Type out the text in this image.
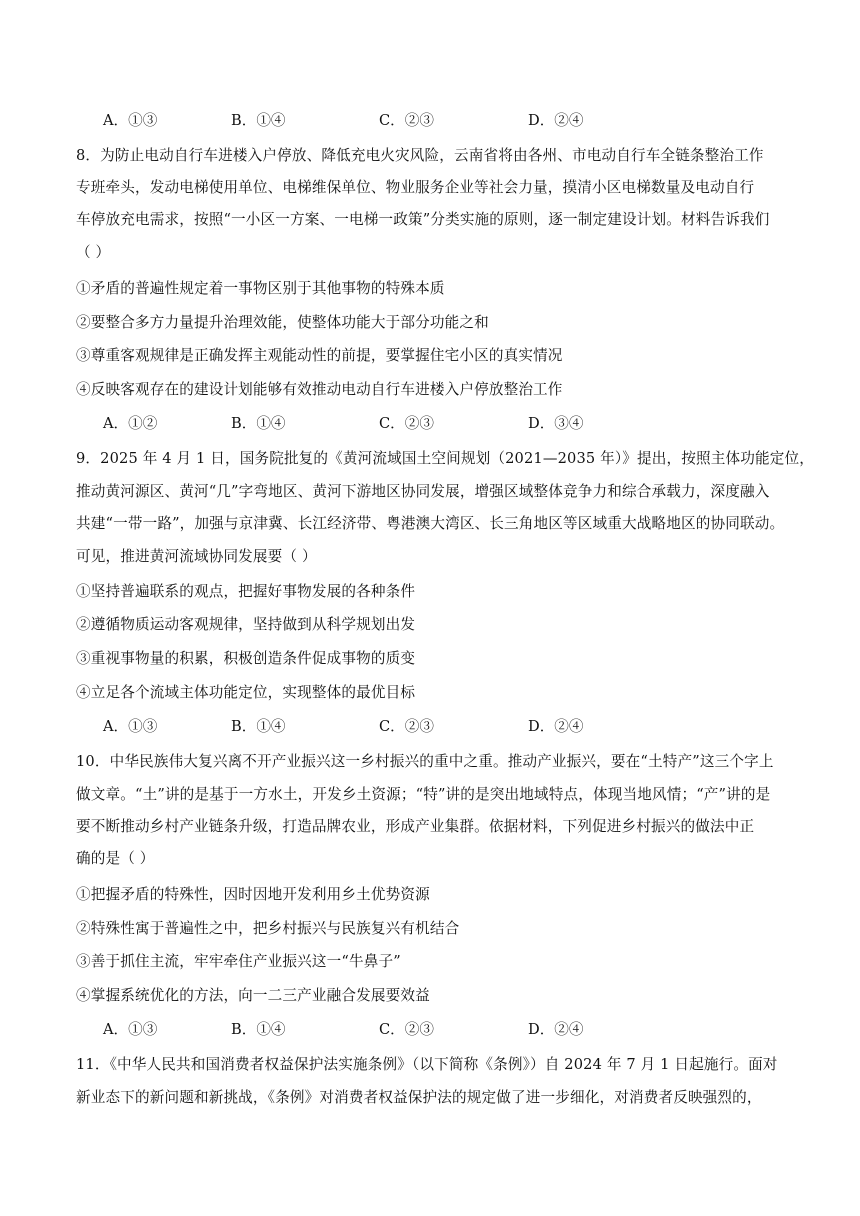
A．①③	B．①④	C．②③	D．②④
8．为防止电动自行车进楼入户停放、降低充电火灾风险，云南省将由各州、市电动自行车全链条整治工作
专班牵头，发动电梯使用单位、电梯维保单位、物业服务企业等社会力量，摸清小区电梯数量及电动自行
车停放充电需求，按照“一小区一方案、一电梯一政策”分类实施的原则，逐一制定建设计划。材料告诉我们
（ ）
①矛盾的普遍性规定着一事物区别于其他事物的特殊本质
②要整合多方力量提升治理效能，使整体功能大于部分功能之和
③尊重客观规律是正确发挥主观能动性的前提，要掌握住宅小区的真实情况
④反映客观存在的建设计划能够有效推动电动自行车进楼入户停放整治工作
A．①②	B．①④	C．②③	D．③④
9．2025 年 4 月 1 日，国务院批复的《黄河流域国土空间规划（2021—2035 年）》提出，按照主体功能定位，
推动黄河源区、黄河“几”字弯地区、黄河下游地区协同发展，增强区域整体竞争力和综合承载力，深度融入
共建“一带一路”，加强与京津冀、长江经济带、粤港澳大湾区、长三角地区等区域重大战略地区的协同联动。
可见，推进黄河流域协同发展要（ ）
①坚持普遍联系的观点，把握好事物发展的各种条件
②遵循物质运动客观规律，坚持做到从科学规划出发
③重视事物量的积累，积极创造条件促成事物的质变
④立足各个流域主体功能定位，实现整体的最优目标
A．①③	B．①④	C．②③	D．②④
10．中华民族伟大复兴离不开产业振兴这一乡村振兴的重中之重。推动产业振兴，要在“土特产”这三个字上
做文章。“土”讲的是基于一方水土，开发乡土资源；“特”讲的是突出地域特点，体现当地风情；“产”讲的是
要不断推动乡村产业链条升级，打造品牌农业，形成产业集群。依据材料，下列促进乡村振兴的做法中正
确的是（ ）
①把握矛盾的特殊性，因时因地开发利用乡土优势资源
②特殊性寓于普遍性之中，把乡村振兴与民族复兴有机结合
③善于抓住主流，牢牢牵住产业振兴这一“牛鼻子”
④掌握系统优化的方法，向一二三产业融合发展要效益
A．①③	B．①④	C．②③	D．②④
11．《中华人民共和国消费者权益保护法实施条例》（以下简称《条例》）自 2024 年 7 月 1 日起施行。面对
新业态下的新问题和新挑战，《条例》对消费者权益保护法的规定做了进一步细化，对消费者反映强烈的，
